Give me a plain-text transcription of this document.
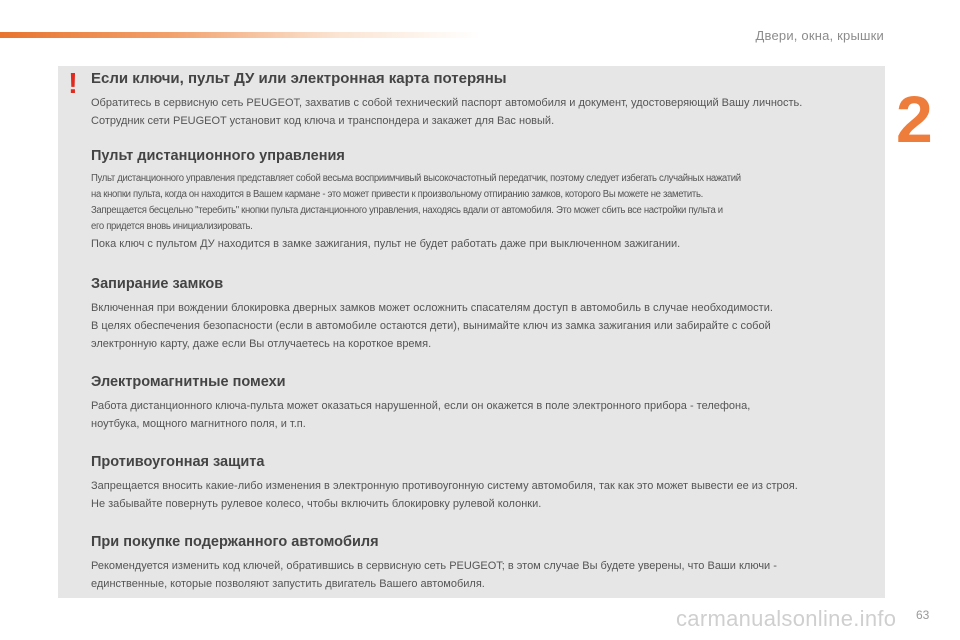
Двери, окна, крышки
2
! Если ключи, пульт ДУ или электронная карта потеряны

Обратитесь в сервисную сеть PEUGEOT, захватив с собой технический паспорт автомобиля и документ, удостоверяющий Вашу личность.

Сотрудник сети PEUGEOT установит код ключа и транспондера и закажет для Вас новый.

Пульт дистанционного управления
Пульт дистанционного управления представляет собой весьма восприимчивый высокочастотный передатчик, поэтому следует избегать случайных нажатий
на кнопки пульта, когда он находится в Вашем кармане - это может привести к произвольному отпиранию замков, которого Вы можете не заметить.
Запрещается бесцельно "теребить" кнопки пульта дистанционного управления, находясь вдали от автомобиля. Это может сбить все настройки пульта и
его придется вновь инициализировать.

Пока ключ с пультом ДУ находится в замке зажигания, пульт не будет работать даже при выключенном зажигании.

Запирание замков

Включенная при вождении блокировка дверных замков может осложнить спасателям доступ в автомобиль в случае необходимости.

В целях обеспечения безопасности (если в автомобиле остаются дети), вынимайте ключ из замка зажигания или забирайте с собой

электронную карту, даже если Вы отлучаетесь на короткое время.

Электромагнитные помехи

Работа дистанционного ключа-пульта может оказаться нарушенной, если он окажется в поле электронного прибора - телефона,

ноутбука, мощного магнитного поля, и т.п.

Противоугонная защита

Запрещается вносить какие-либо изменения в электронную противоугонную систему автомобиля, так как это может вывести ее из строя.

Не забывайте повернуть рулевое колесо, чтобы включить блокировку рулевой колонки.

При покупке подержанного автомобиля

Рекомендуется изменить код ключей, обратившись в сервисную сеть PEUGEOT; в этом случае Вы будете уверены, что Ваши ключи -

единственные, которые позволяют запустить двигатель Вашего автомобиля.

carmanualsonline.info 63
